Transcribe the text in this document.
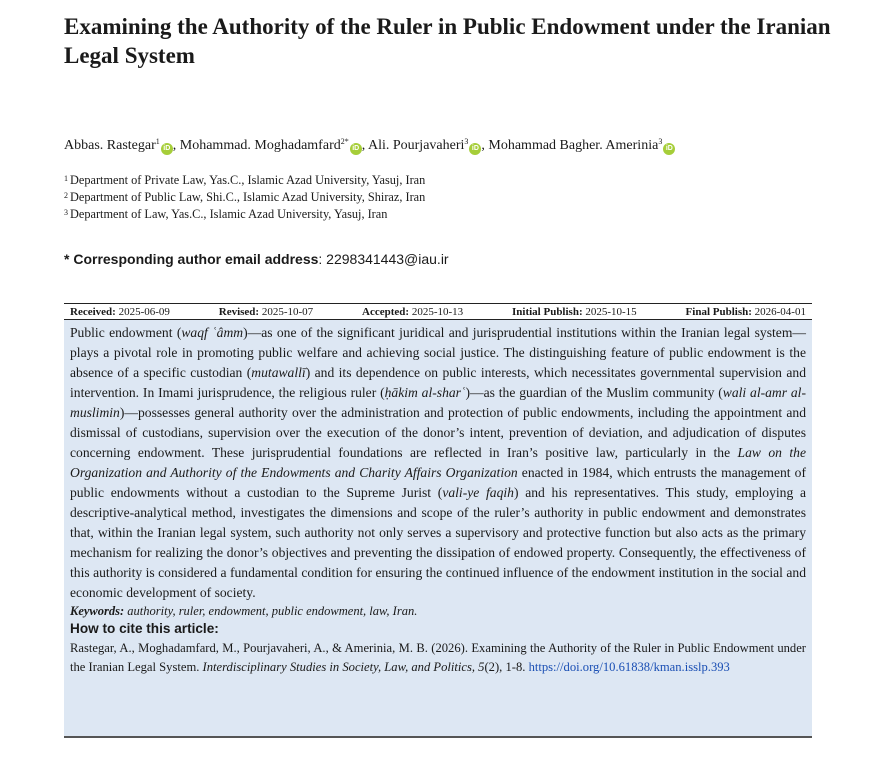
Examining the Authority of the Ruler in Public Endowment under the Iranian Legal System
Abbas. Rastegar$^1$iD , Mohammad. Moghadamfard$^{2*}$iD , Ali. Pourjavaheri$^3$iD , Mohammad Bagher. Amerinia$^3$iD
$^1$ Department of Private Law, Yas.C., Islamic Azad University, Yasuj, Iran
$^2$ Department of Public Law, Shi.C., Islamic Azad University, Shiraz, Iran
$^3$ Department of Law, Yas.C., Islamic Azad University, Yasuj, Iran
* Corresponding author email address: 2298341443@iau.ir
Received: 2025-06-09	Revised: 2025-10-07	Accepted: 2025-10-13	Initial Publish: 2025-10-15	Final Publish: 2026-04-01

Public endowment (waqf ʿâmm)—as one of the significant juridical and jurisprudential institutions within the Iranian legal system—plays a pivotal role in promoting public welfare and achieving social justice. The distinguishing feature of public endowment is the absence of a specific custodian (mutawallī) and its dependence on public interests, which necessitates governmental supervision and intervention. In Imami jurisprudence, the religious ruler (ḥākim al-sharʿ)—as the guardian of the Muslim community (wali al-amr al-muslimin)—possesses general authority over the administration and protection of public endowments, including the appointment and dismissal of custodians, supervision over the execution of the donor’s intent, prevention of deviation, and adjudication of disputes concerning endowment. These jurisprudential foundations are reflected in Iran’s positive law, particularly in the Law on the Organization and Authority of the Endowments and Charity Affairs Organization enacted in 1984, which entrusts the management of public endowments without a custodian to the Supreme Jurist (vali-ye faqih) and his representatives. This study, employing a descriptive-analytical method, investigates the dimensions and scope of the ruler’s authority in public endowment and demonstrates that, within the Iranian legal system, such authority not only serves a supervisory and protective function but also acts as the primary mechanism for realizing the donor’s objectives and preventing the dissipation of endowed property. Consequently, the effectiveness of this authority is considered a fundamental condition for ensuring the continued influence of the endowment institution in the social and economic development of society.

Keywords: authority, ruler, endowment, public endowment, law, Iran.

How to cite this article:

Rastegar, A., Moghadamfard, M., Pourjavaheri, A., & Amerinia, M. B. (2026). Examining the Authority of the Ruler in Public Endowment under the Iranian Legal System. Interdisciplinary Studies in Society, Law, and Politics, 5(2), 1-8. https://doi.org/10.61838/kman.isslp.393
